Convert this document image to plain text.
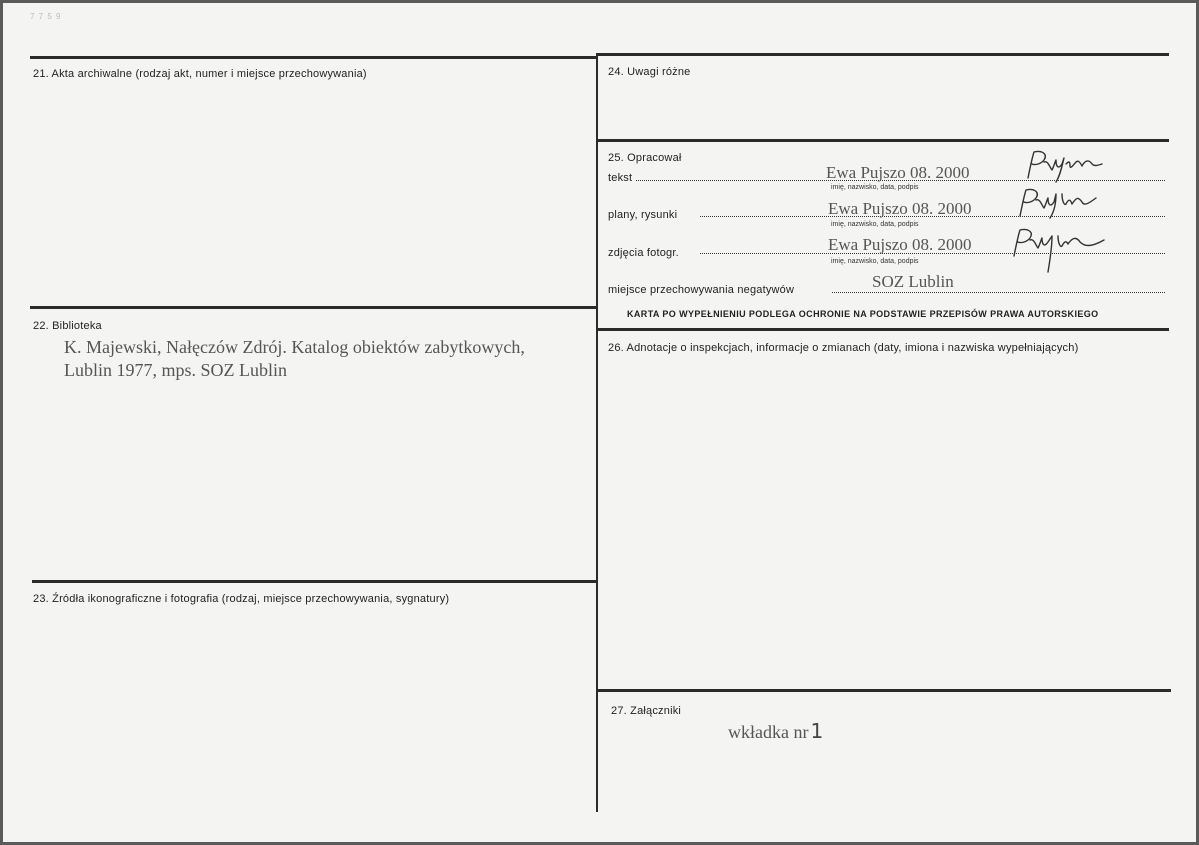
7 7 5 9
21. Akta archiwalne (rodzaj akt, numer i miejsce przechowywania)
22. Biblioteka
K. Majewski, Nałęczów Zdrój. Katalog obiektów zabytkowych,
Lublin 1977, mps. SOZ Lublin
23. Źródła ikonograficzne i fotografia (rodzaj, miejsce przechowywania, sygnatury)
24. Uwagi różne
25. Opracował
tekst	Ewa Pujszo 08. 2000
imię, nazwisko, data, podpis
plany, rysunki	Ewa Pujszo 08. 2000
imię, nazwisko, data, podpis
zdjęcia fotogr.	Ewa Pujszo 08. 2000
imię, nazwisko, data, podpis
miejsce przechowywania negatywów	SOZ Lublin
KARTA PO WYPEŁNIENIU PODLEGA OCHRONIE NA PODSTAWIE PRZEPISÓW PRAWA AUTORSKIEGO
26. Adnotacje o inspekcjach, informacje o zmianach (daty, imiona i nazwiska wypełniających)
27. Załączniki
wkładka nr 1
